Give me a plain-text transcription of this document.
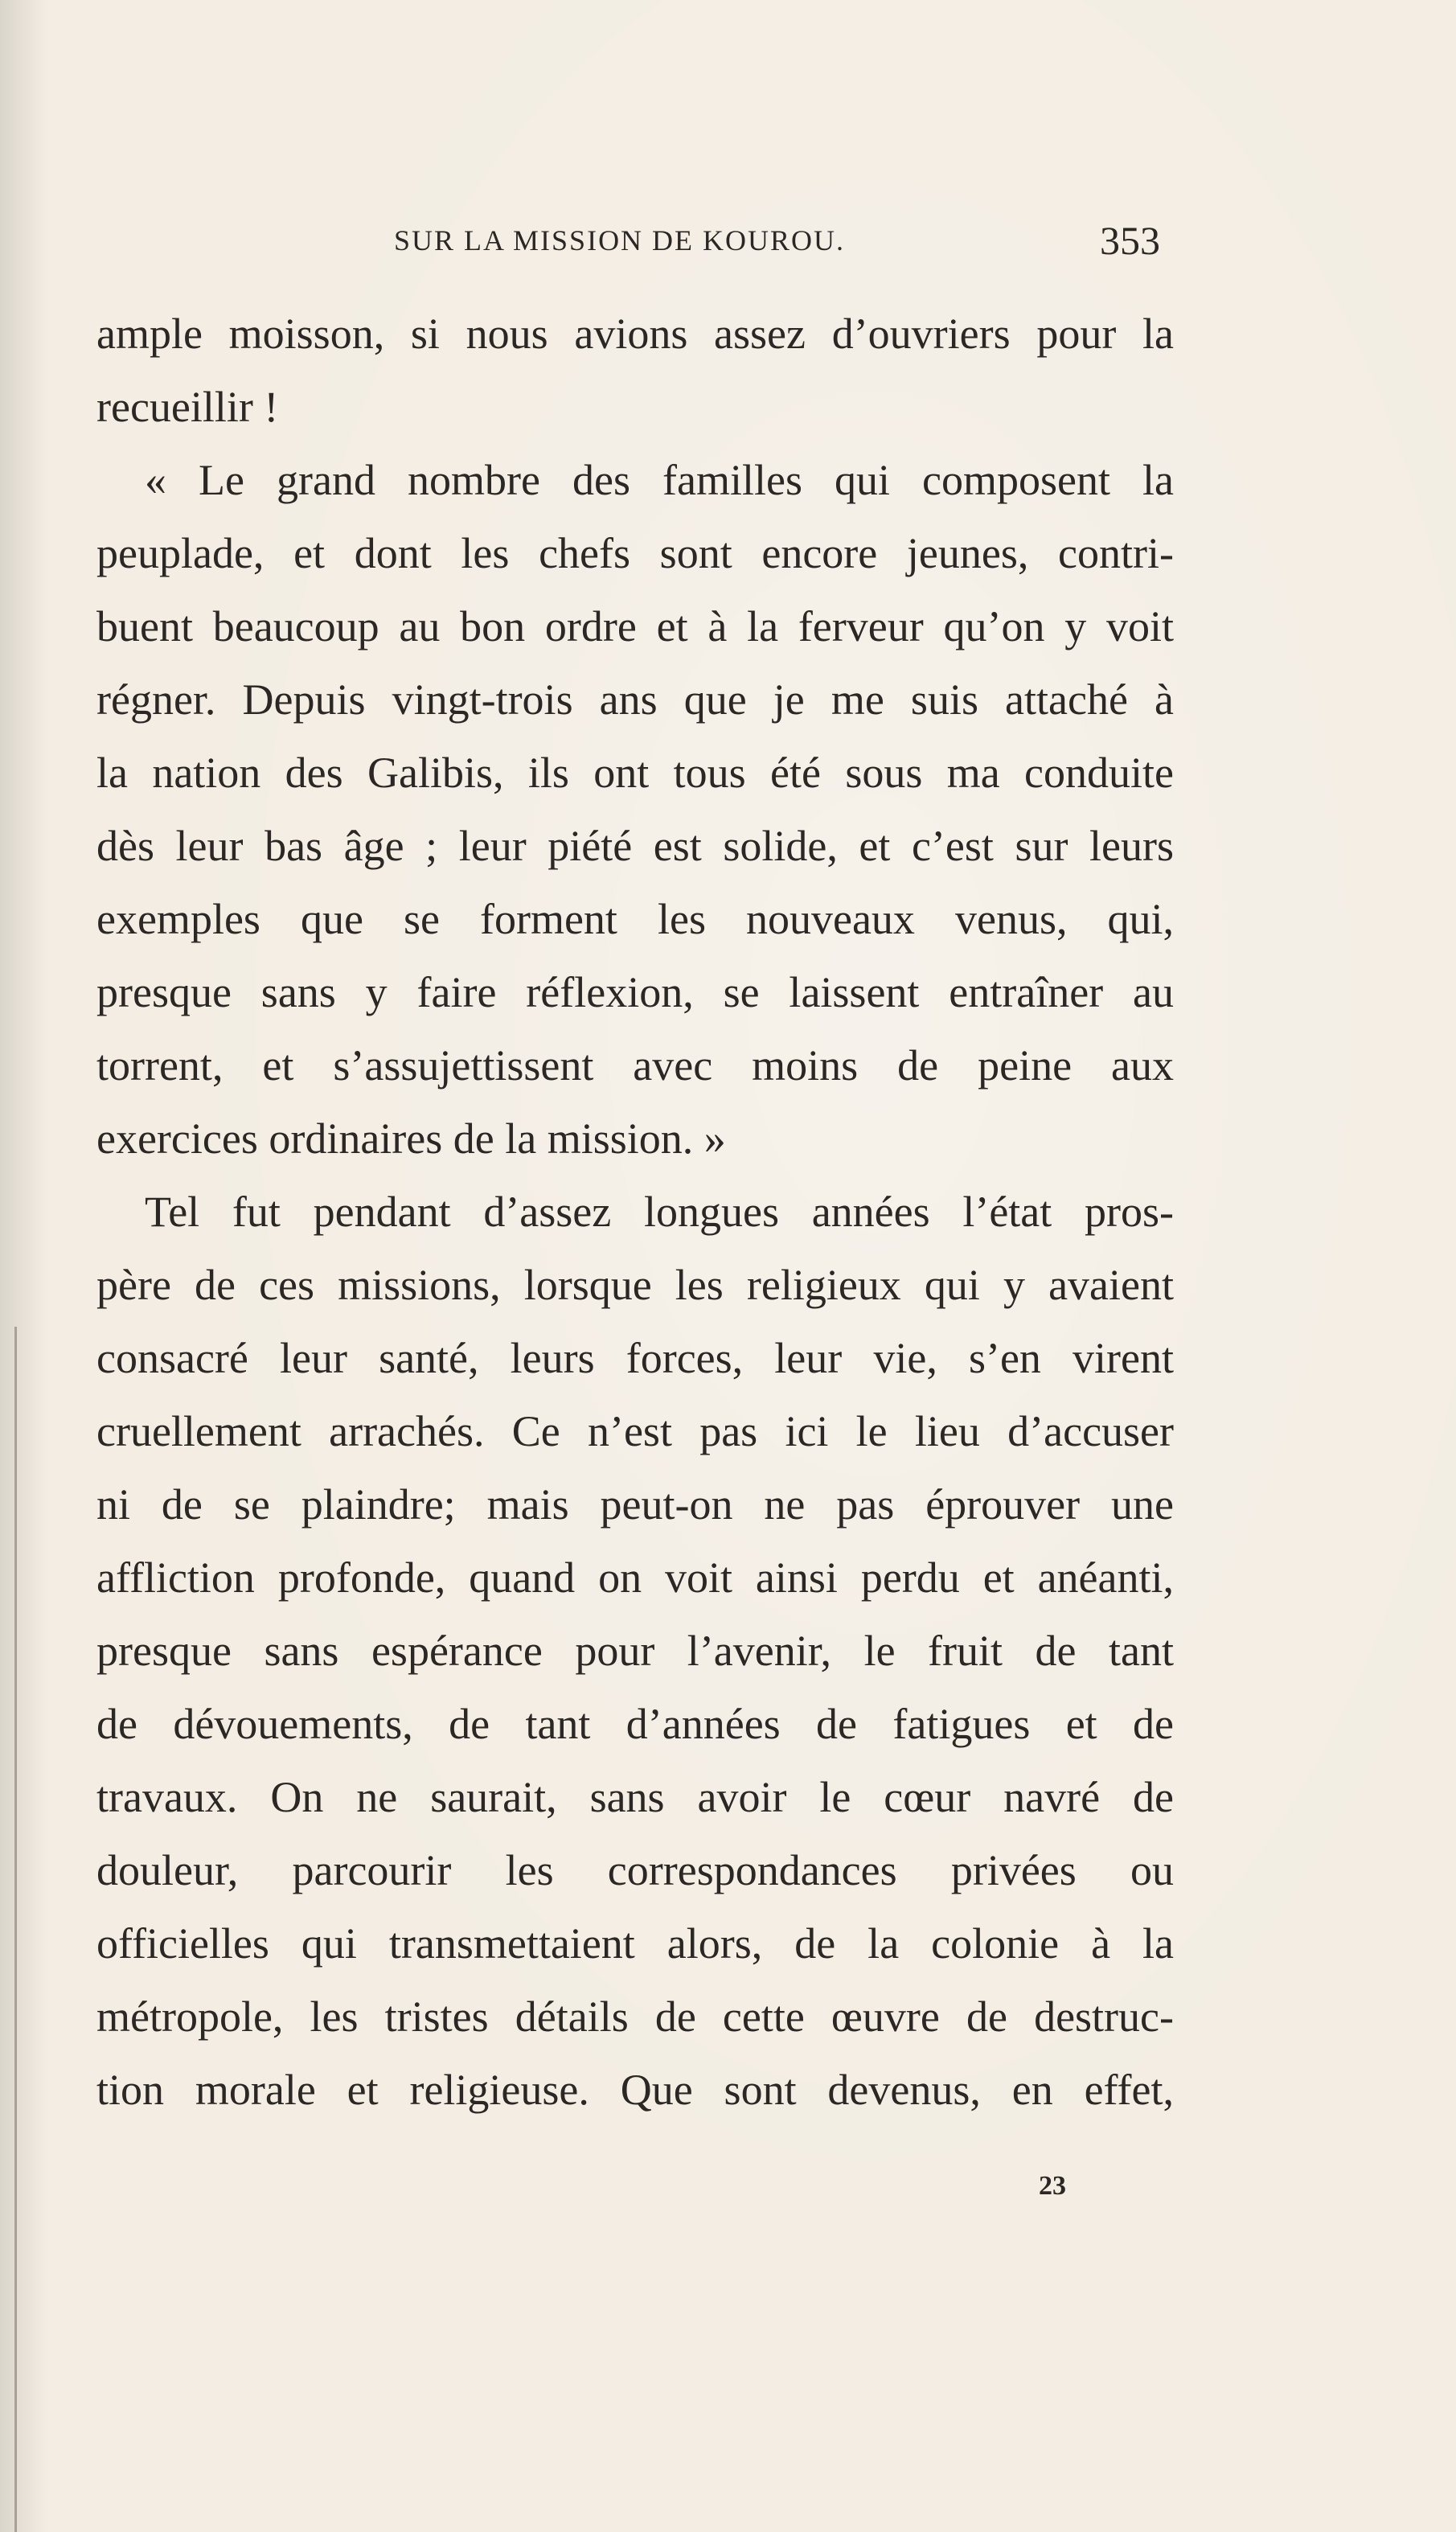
SUR LA MISSION DE KOUROU.	353
ample moisson, si nous avions assez d’ouvriers pour la
recueillir !
« Le grand nombre des familles qui composent la
peuplade, et dont les chefs sont encore jeunes, contri-
buent beaucoup au bon ordre et à la ferveur qu’on y voit
régner. Depuis vingt-trois ans que je me suis attaché à
la nation des Galibis, ils ont tous été sous ma conduite
dès leur bas âge ; leur piété est solide, et c’est sur leurs
exemples que se forment les nouveaux venus, qui,
presque sans y faire réflexion, se laissent entraîner au
torrent, et s’assujettissent avec moins de peine aux
exercices ordinaires de la mission. »
Tel fut pendant d’assez longues années l’état pros-
père de ces missions, lorsque les religieux qui y avaient
consacré leur santé, leurs forces, leur vie, s’en virent
cruellement arrachés. Ce n’est pas ici le lieu d’accuser
ni de se plaindre; mais peut-on ne pas éprouver une
affliction profonde, quand on voit ainsi perdu et anéanti,
presque sans espérance pour l’avenir, le fruit de tant
de dévouements, de tant d’années de fatigues et de
travaux. On ne saurait, sans avoir le cœur navré de
douleur, parcourir les correspondances privées ou
officielles qui transmettaient alors, de la colonie à la
métropole, les tristes détails de cette œuvre de destruc-
tion morale et religieuse. Que sont devenus, en effet,
23
